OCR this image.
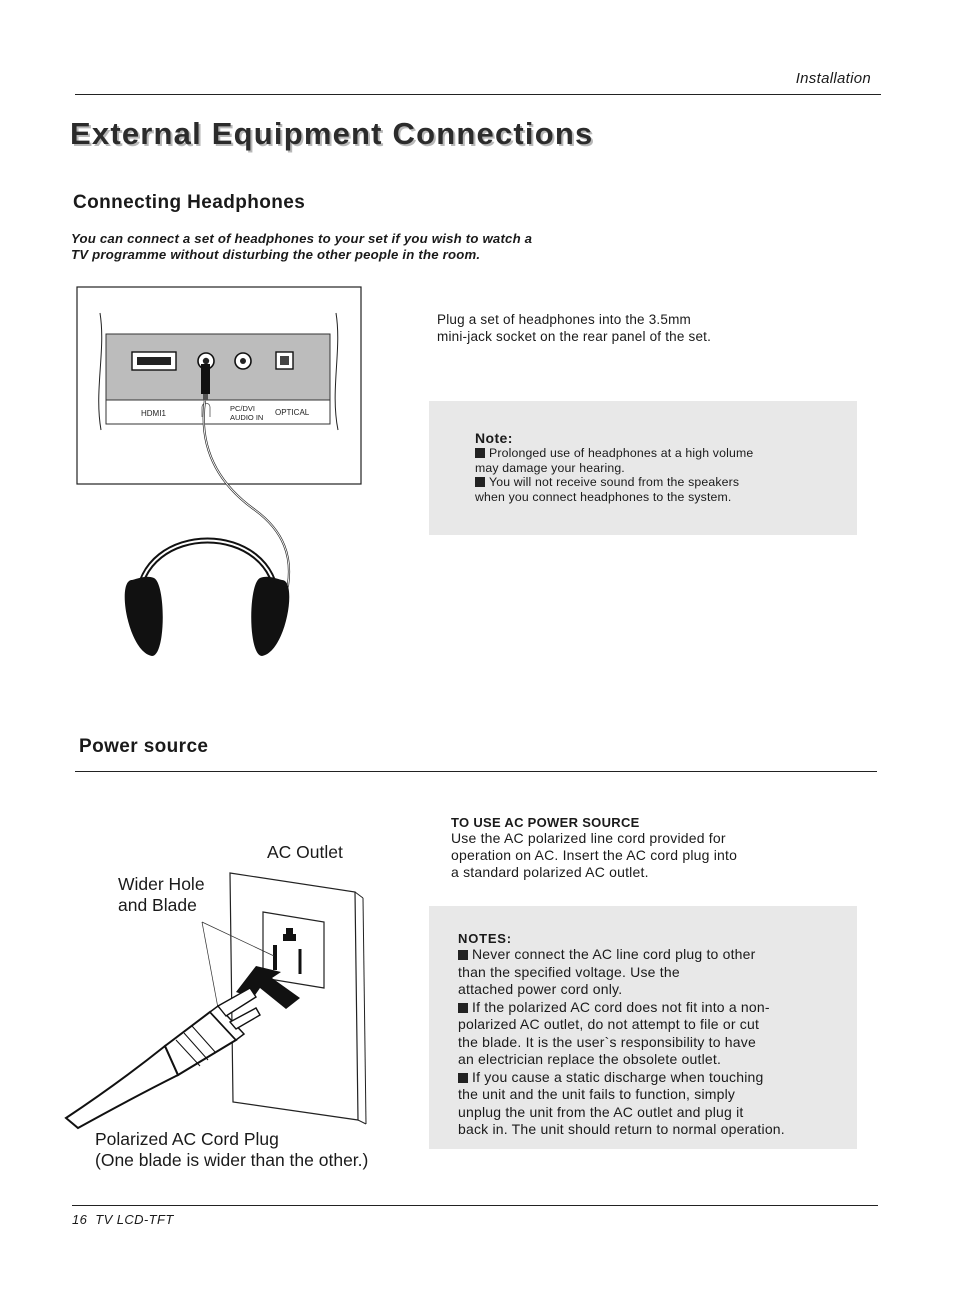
Installation
External Equipment Connections
Connecting Headphones

You can connect a set of headphones to your set if you wish to watch a

TV programme without disturbing the other people in the room.

HDMI1
PC/DVI
AUDIO IN
OPTICAL

Plug a set of headphones into the 3.5mm

mini-jack socket on the rear panel of the set.

Note:

Prolonged use of headphones at a high volume

may damage your hearing.

You will not receive sound from the speakers

when you connect headphones to the system.

Power source
TO USE AC POWER SOURCE

Use the AC polarized line cord provided for

operation on AC. Insert the AC cord plug into

a standard polarized AC outlet.

AC Outlet

Wider Hole

and Blade

Polarized AC Cord Plug

(One blade is wider than the other.)

NOTES:

Never connect the AC line cord plug to other

than the specified voltage. Use the

attached power cord only.

If the polarized AC cord does not fit into a non-

polarized AC outlet, do not attempt to file or cut

the blade. It is the user`s responsibility to have

an electrician replace the obsolete outlet.

If you cause a static discharge when touching

the unit and the unit fails to function, simply

unplug the unit from the AC outlet and plug it

back in. The unit should return to normal operation.

16  TV LCD-TFT
